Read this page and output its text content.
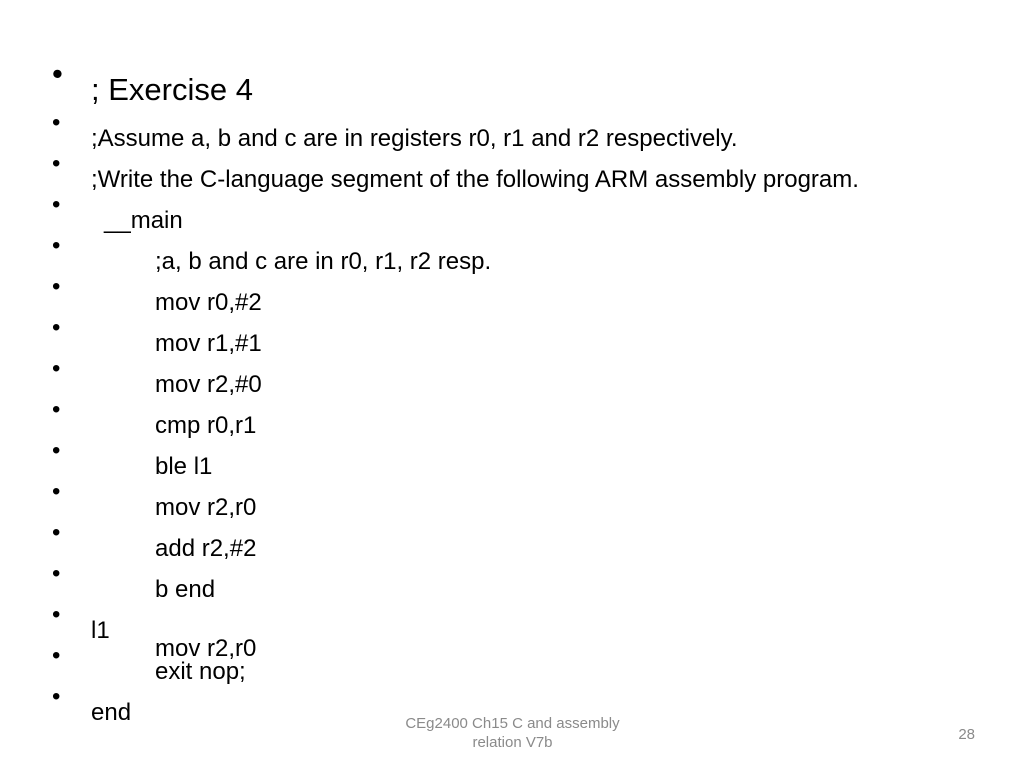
•

; Exercise 4

•

;Assume a, b and c are in registers r0, r1 and r2 respectively.

•

;Write the C-language segment of the following ARM assembly program.

•

__main

•

;a, b and c are in r0, r1, r2 resp.

•

mov r0,#2

•

mov r1,#1

•

mov r2,#0

•

cmp r0,r1

•

ble l1

•

mov r2,r0

•

add r2,#2

•

b end

•

l1

mov r2,r0

•

exit nop;

•

end

	CEg2400 Ch15 C and assembly
relation V7b	28
